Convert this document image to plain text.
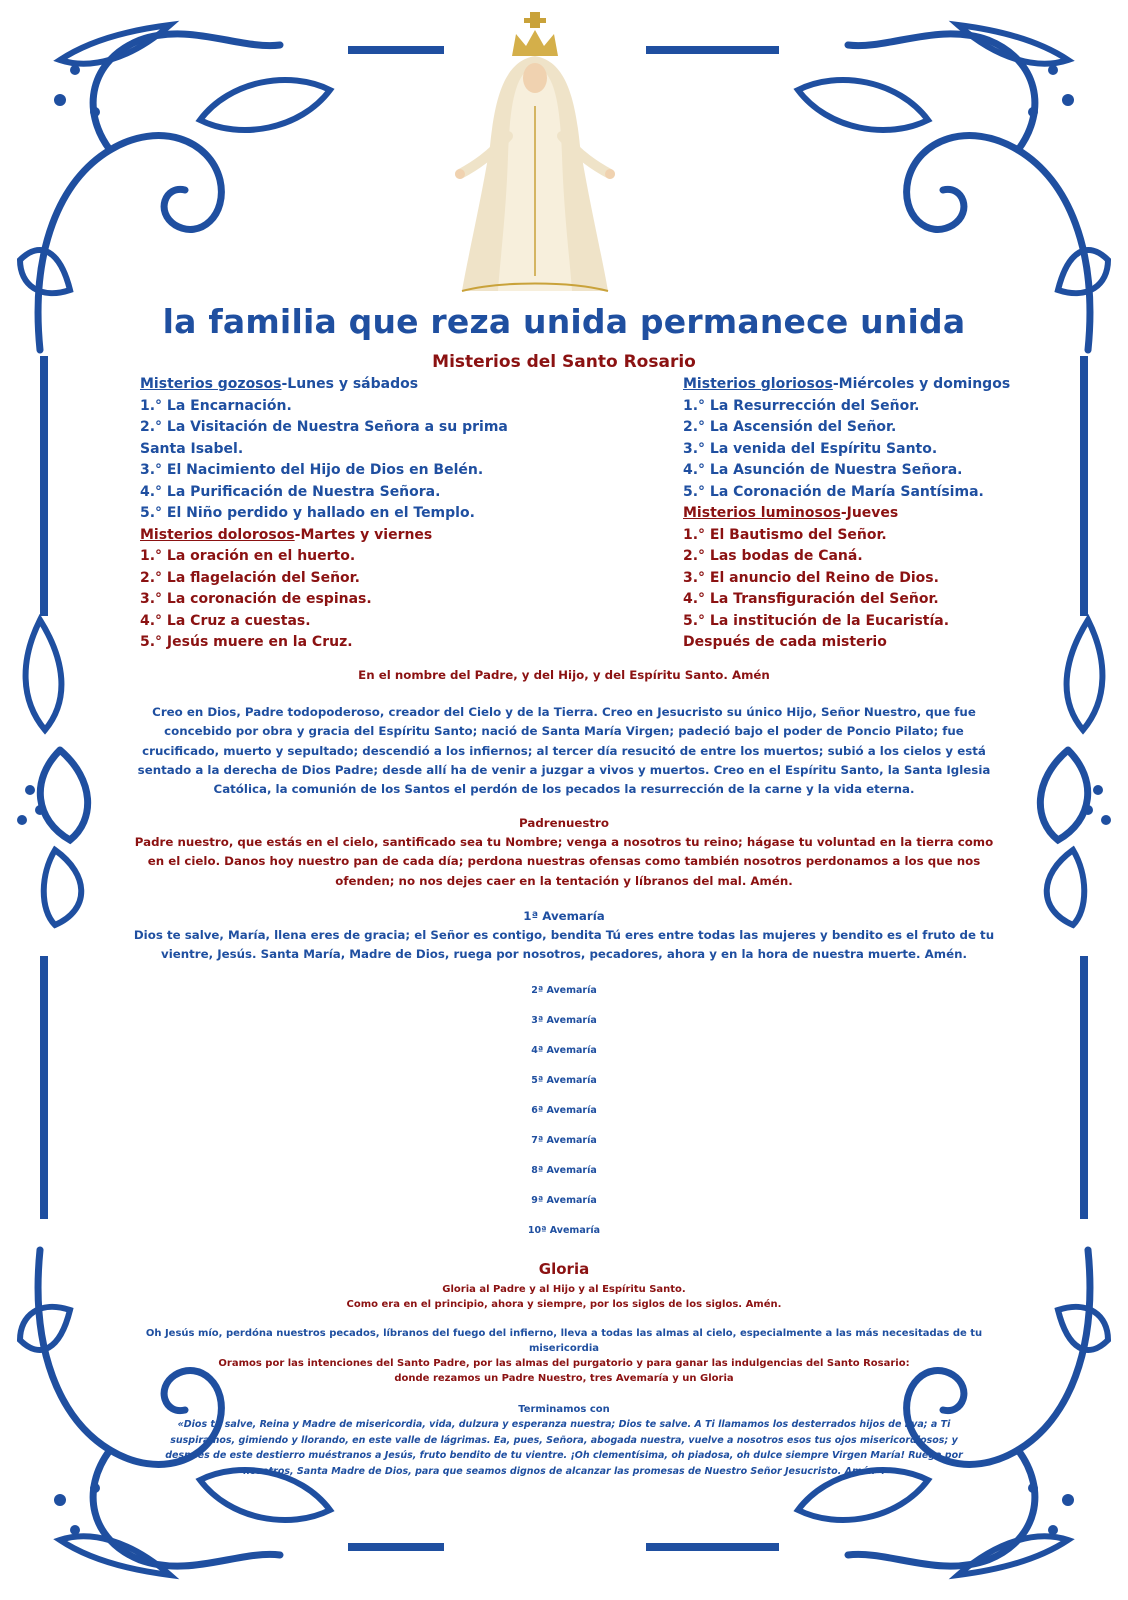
la familia que reza unida permanece unida
Misterios del Santo Rosario
Misterios gozosos-Lunes y sábados
1.° La Encarnación.
2.° La Visitación de Nuestra Señora a su prima Santa Isabel.
3.° El Nacimiento del Hijo de Dios en Belén.
4.° La Purificación de Nuestra Señora.
5.° El Niño perdido y hallado en el Templo.
Misterios dolorosos-Martes y viernes
1.° La oración en el huerto.
2.° La flagelación del Señor.
3.° La coronación de espinas.
4.° La Cruz a cuestas.
5.° Jesús muere en la Cruz.
Misterios gloriosos-Miércoles y domingos
1.° La Resurrección del Señor.
2.° La Ascensión del Señor.
3.° La venida del Espíritu Santo.
4.° La Asunción de Nuestra Señora.
5.° La Coronación de María Santísima.
Misterios luminosos-Jueves
1.° El Bautismo del Señor.
2.° Las bodas de Caná.
3.° El anuncio del Reino de Dios.
4.° La Transfiguración del Señor.
5.° La institución de la Eucaristía.
Después de cada misterio
En el nombre del Padre, y del Hijo, y del Espíritu Santo. Amén
Creo en Dios, Padre todopoderoso, creador del Cielo y de la Tierra. Creo en Jesucristo su único Hijo, Señor Nuestro, que fue concebido por obra y gracia del Espíritu Santo; nació de Santa María Virgen; padeció bajo el poder de Poncio Pilato; fue crucificado, muerto y sepultado; descendió a los infiernos; al tercer día resucitó de entre los muertos; subió a los cielos y está sentado a la derecha de Dios Padre; desde allí ha de venir a juzgar a vivos y muertos. Creo en el Espíritu Santo, la Santa Iglesia Católica, la comunión de los Santos el perdón de los pecados la resurrección de la carne y la vida eterna.
Padrenuestro
Padre nuestro, que estás en el cielo, santificado sea tu Nombre; venga a nosotros tu reino; hágase tu voluntad en la tierra como en el cielo. Danos hoy nuestro pan de cada día; perdona nuestras ofensas como también nosotros perdonamos a los que nos ofenden; no nos dejes caer en la tentación y líbranos del mal. Amén.
1ª Avemaría
Dios te salve, María, llena eres de gracia; el Señor es contigo, bendita Tú eres entre todas las mujeres y bendito es el fruto de tu vientre, Jesús. Santa María, Madre de Dios, ruega por nosotros, pecadores, ahora y en la hora de nuestra muerte. Amén.
2ª Avemaría
3ª Avemaría
4ª Avemaría
5ª Avemaría
6ª Avemaría
7ª Avemaría
8ª Avemaría
9ª Avemaría
10ª Avemaría
Gloria
Gloria al Padre y al Hijo y al Espíritu Santo.
Como era en el principio, ahora y siempre, por los siglos de los siglos. Amén.
Oh Jesús mío, perdóna nuestros pecados, líbranos del fuego del infierno, lleva a todas las almas al cielo, especialmente a las más necesitadas de tu misericordia
Oramos por las intenciones del Santo Padre, por las almas del purgatorio y para ganar las indulgencias del Santo Rosario:
donde rezamos un Padre Nuestro, tres Avemaría y un Gloria
Terminamos con
«Dios te salve, Reina y Madre de misericordia, vida, dulzura y esperanza nuestra; Dios te salve. A Ti llamamos los desterrados hijos de Eva; a Ti suspiramos, gimiendo y llorando, en este valle de lágrimas. Ea, pues, Señora, abogada nuestra, vuelve a nosotros esos tus ojos misericordiosos; y después de este destierro muéstranos a Jesús, fruto bendito de tu vientre. ¡Oh clementísima, oh piadosa, oh dulce siempre Virgen María! Ruega por nosotros, Santa Madre de Dios, para que seamos dignos de alcanzar las promesas de Nuestro Señor Jesucristo. Amén».
